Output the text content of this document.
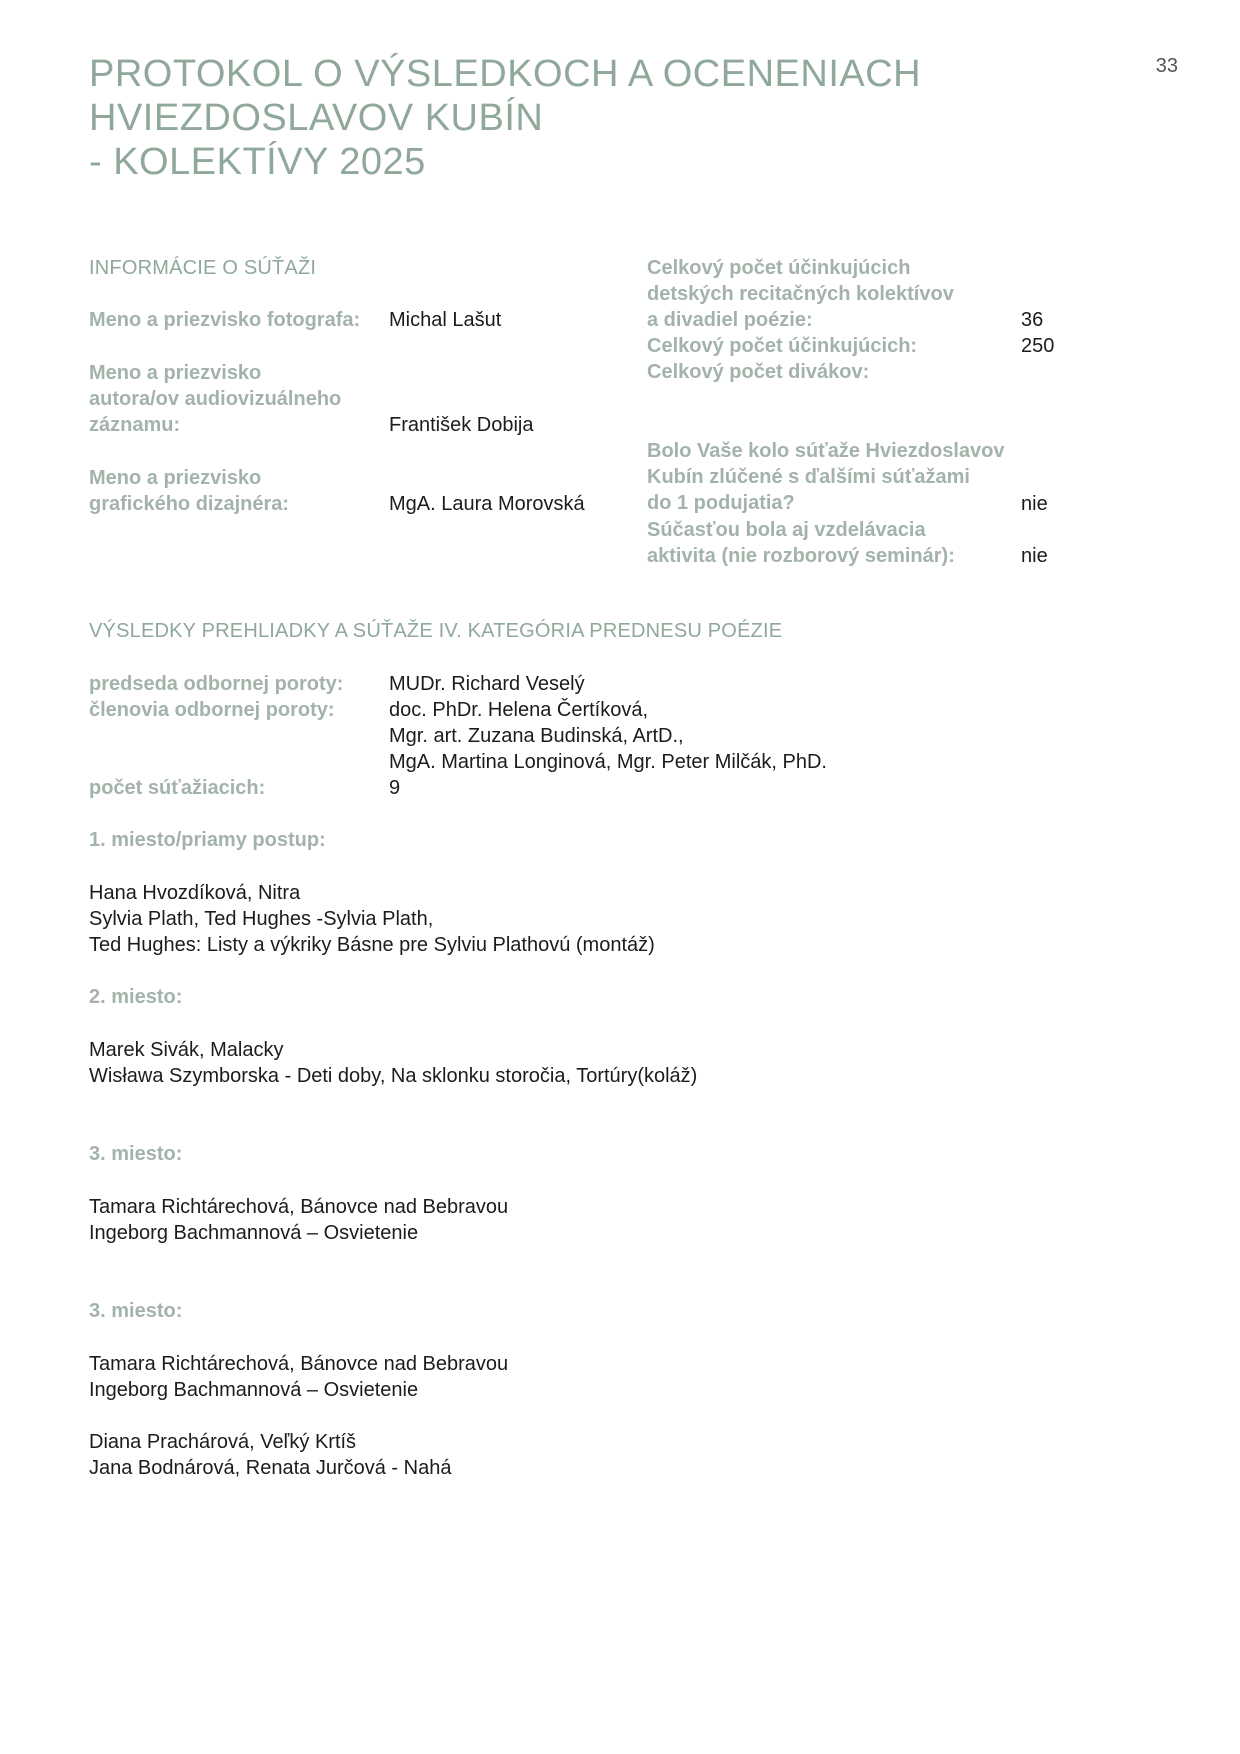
33
PROTOKOL O VÝSLEDKOCH A OCENENIACH
HVIEZDOSLAVOV KUBÍN
- KOLEKTÍVY 2025
INFORMÁCIE O SÚŤAŽI
Meno a priezvisko fotografa: Michal Lašut
Meno a priezvisko
autora/ov audiovizuálneho
záznamu:	František Dobija
Meno a priezvisko
grafického dizajnéra:	MgA. Laura Morovská
Celkový počet účinkujúcich
detských recitačných kolektívov
a divadiel poézie:	36
Celkový počet účinkujúcich:	250
Celkový počet divákov:
Bolo Vaše kolo súťaže Hviezdoslavov
Kubín zlúčené s ďalšími súťažami
do 1 podujatia?	nie
Súčasťou bola aj vzdelávacia
aktivita (nie rozborový seminár):	nie
VÝSLEDKY PREHLIADKY A SÚŤAŽE IV. KATEGÓRIA PREDNESU POÉZIE
predseda odbornej poroty: MUDr. Richard Veselý
členovia odbornej poroty:	doc. PhDr. Helena Čertíková,
Mgr. art. Zuzana Budinská, ArtD.,
MgA. Martina Longinová, Mgr. Peter Milčák, PhD.
počet súťažiacich:	9
1. miesto/priamy postup:
Hana Hvozdíková, Nitra
Sylvia Plath, Ted Hughes -Sylvia Plath,
Ted Hughes: Listy a výkriky Básne pre Sylviu Plathovú (montáž)
2. miesto:
Marek Sivák, Malacky
Wisława Szymborska - Deti doby, Na sklonku storočia, Tortúry(koláž)
3. miesto:
Tamara Richtárechová, Bánovce nad Bebravou
Ingeborg Bachmannová – Osvietenie
3. miesto:
Tamara Richtárechová, Bánovce nad Bebravou
Ingeborg Bachmannová – Osvietenie
Diana Prachárová, Veľký Krtíš
Jana Bodnárová, Renata Jurčová - Nahá
